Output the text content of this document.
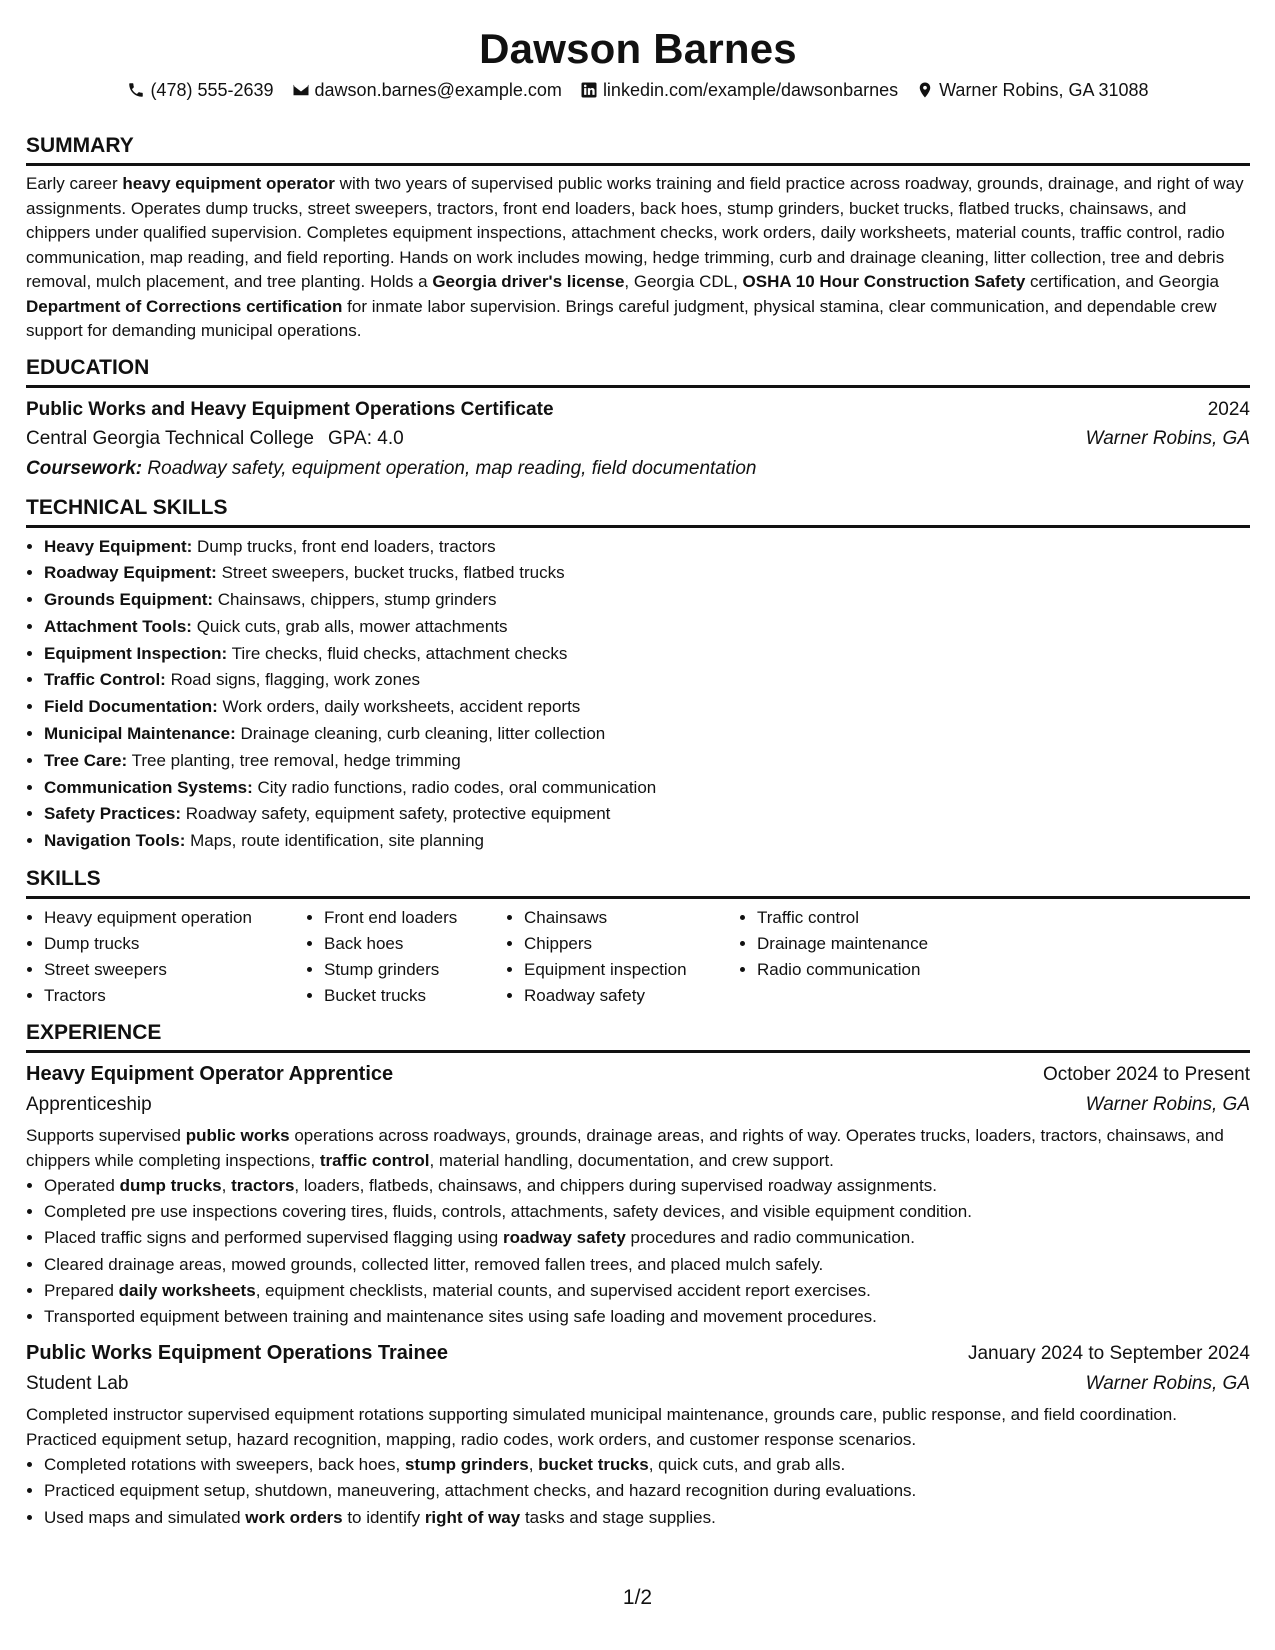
Dawson Barnes
(478) 555-2639 dawson.barnes@example.com linkedin.com/example/dawsonbarnes Warner Robins, GA 31088
SUMMARY

Early career heavy equipment operator with two years of supervised public works training and field practice across roadway, grounds, drainage, and right of way assignments. Operates dump trucks, street sweepers, tractors, front end loaders, back hoes, stump grinders, bucket trucks, flatbed trucks, chainsaws, and chippers under qualified supervision. Completes equipment inspections, attachment checks, work orders, daily worksheets, material counts, traffic control, radio communication, map reading, and field reporting. Hands on work includes mowing, hedge trimming, curb and drainage cleaning, litter collection, tree and debris removal, mulch placement, and tree planting. Holds a Georgia driver's license, Georgia CDL, OSHA 10 Hour Construction Safety certification, and Georgia Department of Corrections certification for inmate labor supervision. Brings careful judgment, physical stamina, clear communication, and dependable crew support for demanding municipal operations.

EDUCATION
Public Works and Heavy Equipment Operations Certificate	2024
Central Georgia Technical College GPA: 4.0	Warner Robins, GA
Coursework: Roadway safety, equipment operation, map reading, field documentation
TECHNICAL SKILLS
• Heavy Equipment: Dump trucks, front end loaders, tractors
• Roadway Equipment: Street sweepers, bucket trucks, flatbed trucks
• Grounds Equipment: Chainsaws, chippers, stump grinders
• Attachment Tools: Quick cuts, grab alls, mower attachments
• Equipment Inspection: Tire checks, fluid checks, attachment checks
• Traffic Control: Road signs, flagging, work zones
• Field Documentation: Work orders, daily worksheets, accident reports
• Municipal Maintenance: Drainage cleaning, curb cleaning, litter collection
• Tree Care: Tree planting, tree removal, hedge trimming
• Communication Systems: City radio functions, radio codes, oral communication
• Safety Practices: Roadway safety, equipment safety, protective equipment
• Navigation Tools: Maps, route identification, site planning
SKILLS
• Heavy equipment operation
• Dump trucks
• Street sweepers
• Tractors
• Front end loaders
• Back hoes
• Stump grinders
• Bucket trucks
• Chainsaws
• Chippers
• Equipment inspection
• Roadway safety
• Traffic control
• Drainage maintenance
• Radio communication
EXPERIENCE
Heavy Equipment Operator Apprentice	October 2024 to Present
Apprenticeship	Warner Robins, GA
Supports supervised public works operations across roadways, grounds, drainage areas, and rights of way. Operates trucks, loaders, tractors, chainsaws, and chippers while completing inspections, traffic control, material handling, documentation, and crew support.
• Operated dump trucks, tractors, loaders, flatbeds, chainsaws, and chippers during supervised roadway assignments.
• Completed pre use inspections covering tires, fluids, controls, attachments, safety devices, and visible equipment condition.
• Placed traffic signs and performed supervised flagging using roadway safety procedures and radio communication.
• Cleared drainage areas, mowed grounds, collected litter, removed fallen trees, and placed mulch safely.
• Prepared daily worksheets, equipment checklists, material counts, and supervised accident report exercises.
• Transported equipment between training and maintenance sites using safe loading and movement procedures.
Public Works Equipment Operations Trainee	January 2024 to September 2024
Student Lab	Warner Robins, GA
Completed instructor supervised equipment rotations supporting simulated municipal maintenance, grounds care, public response, and field coordination. Practiced equipment setup, hazard recognition, mapping, radio codes, work orders, and customer response scenarios.
• Completed rotations with sweepers, back hoes, stump grinders, bucket trucks, quick cuts, and grab alls.
• Practiced equipment setup, shutdown, maneuvering, attachment checks, and hazard recognition during evaluations.
• Used maps and simulated work orders to identify right of way tasks and stage supplies.
1/2
